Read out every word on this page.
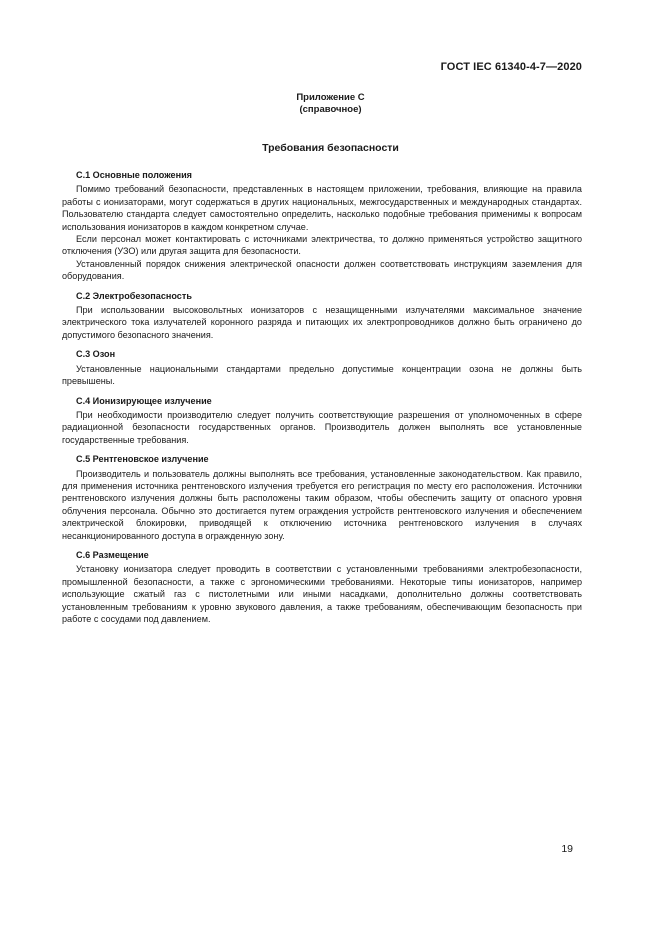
ГОСТ IEC 61340-4-7—2020
Приложение С
(справочное)
Требования безопасности
С.1 Основные положения

Помимо требований безопасности, представленных в настоящем приложении, требования, влияющие на правила работы с ионизаторами, могут содержаться в других национальных, межгосударственных и международных стандартах. Пользователю стандарта следует самостоятельно определить, насколько подобные требования применимы к вопросам использования ионизаторов в каждом конкретном случае.

Если персонал может контактировать с источниками электричества, то должно применяться устройство защитного отключения (УЗО) или другая защита для безопасности.

Установленный порядок снижения электрической опасности должен соответствовать инструкциям заземления для оборудования.

С.2 Электробезопасность

При использовании высоковольтных ионизаторов с незащищенными излучателями максимальное значение электрического тока излучателей коронного разряда и питающих их электропроводников должно быть ограничено до допустимого безопасного значения.

С.3 Озон

Установленные национальными стандартами предельно допустимые концентрации озона не должны быть превышены.

С.4 Ионизирующее излучение

При необходимости производителю следует получить соответствующие разрешения от уполномоченных в сфере радиационной безопасности государственных органов. Производитель должен выполнять все установленные государственные требования.

С.5 Рентгеновское излучение

Производитель и пользователь должны выполнять все требования, установленные законодательством. Как правило, для применения источника рентгеновского излучения требуется его регистрация по месту его расположения. Источники рентгеновского излучения должны быть расположены таким образом, чтобы обеспечить защиту от опасного уровня облучения персонала. Обычно это достигается путем ограждения устройств рентгеновского излучения и обеспечением электрической блокировки, приводящей к отключению источника рентгеновского излучения в случаях несанкционированного доступа в огражденную зону.

С.6 Размещение

Установку ионизатора следует проводить в соответствии с установленными требованиями электробезопасности, промышленной безопасности, а также с эргономическими требованиями. Некоторые типы ионизаторов, например использующие сжатый газ с пистолетными или иными насадками, дополнительно должны соответствовать установленным требованиям к уровню звукового давления, а также требованиям, обеспечивающим безопасность при работе с сосудами под давлением.

19
